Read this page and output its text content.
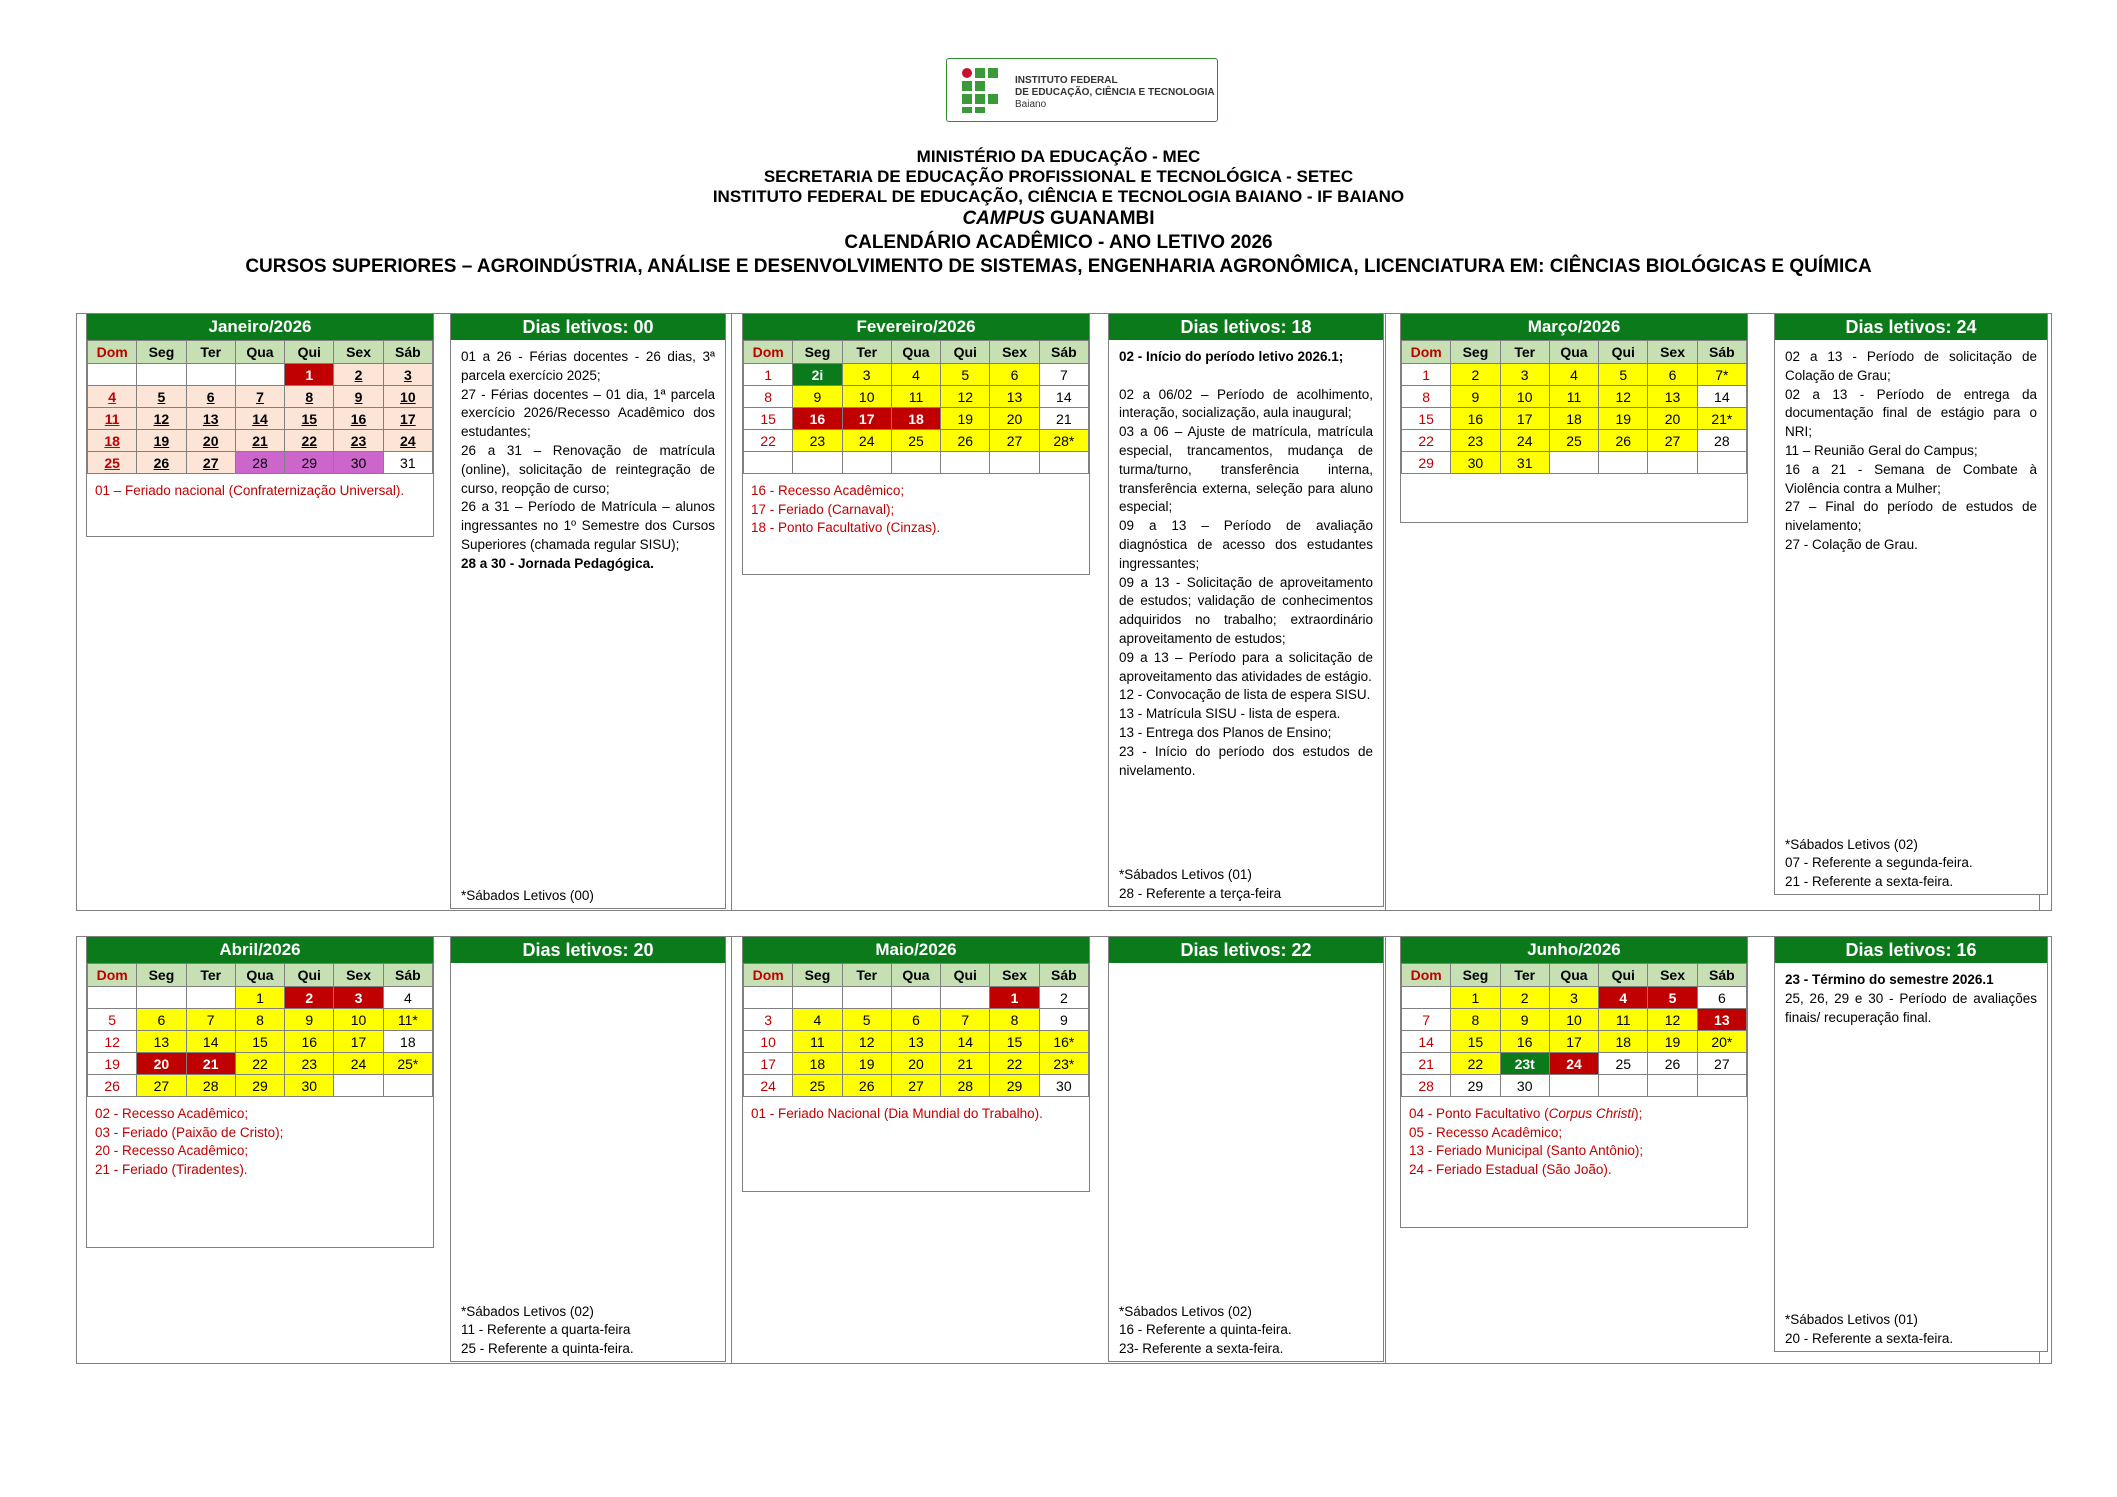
INSTITUTO FEDERAL
DE EDUCAÇÃO, CIÊNCIA E TECNOLOGIA
Baiano
MINISTÉRIO DA EDUCAÇÃO - MEC
SECRETARIA DE EDUCAÇÃO PROFISSIONAL E TECNOLÓGICA - SETEC
INSTITUTO FEDERAL DE EDUCAÇÃO, CIÊNCIA E TECNOLOGIA BAIANO - IF BAIANO
CAMPUS GUANAMBI
CALENDÁRIO ACADÊMICO - ANO LETIVO 2026
CURSOS SUPERIORES – AGROINDÚSTRIA, ANÁLISE E DESENVOLVIMENTO DE SISTEMAS, ENGENHARIA AGRONÔMICA, LICENCIATURA EM: CIÊNCIAS BIOLÓGICAS E QUÍMICA
Janeiro/2026
Dom	Seg	Ter	Qua	Qui	Sex	Sáb
				1	2	3
4	5	6	7	8	9	10
11	12	13	14	15	16	17
18	19	20	21	22	23	24
25	26	27	28	29	30	31
01 – Feriado nacional (Confraternização Universal).
Fevereiro/2026
Dom	Seg	Ter	Qua	Qui	Sex	Sáb
1	2i	3	4	5	6	7
8	9	10	11	12	13	14
15	16	17	18	19	20	21
22	23	24	25	26	27	28*

16 - Recesso Acadêmico;
17 - Feriado (Carnaval);
18 - Ponto Facultativo (Cinzas).
Março/2026
Dom	Seg	Ter	Qua	Qui	Sex	Sáb
1	2	3	4	5	6	7*
8	9	10	11	12	13	14
15	16	17	18	19	20	21*
22	23	24	25	26	27	28
29	30	31				
Abril/2026
Dom	Seg	Ter	Qua	Qui	Sex	Sáb
			1	2	3	4
5	6	7	8	9	10	11*
12	13	14	15	16	17	18
19	20	21	22	23	24	25*
26	27	28	29	30		
02 - Recesso Acadêmico;
03 - Feriado (Paixão de Cristo);
20 - Recesso Acadêmico;
21 - Feriado (Tiradentes).
Maio/2026
Dom	Seg	Ter	Qua	Qui	Sex	Sáb
					1	2
3	4	5	6	7	8	9
10	11	12	13	14	15	16*
17	18	19	20	21	22	23*
24	25	26	27	28	29	30
01 - Feriado Nacional (Dia Mundial do Trabalho).
Junho/2026
Dom	Seg	Ter	Qua	Qui	Sex	Sáb
	1	2	3	4	5	6
7	8	9	10	11	12	13
14	15	16	17	18	19	20*
21	22	23t	24	25	26	27
28	29	30				
04 - Ponto Facultativo (Corpus Christi);
05 - Recesso Acadêmico;
13 - Feriado Municipal (Santo Antônio);
24 - Feriado Estadual (São João).
Dias letivos: 00
01 a 26 - Férias docentes - 26 dias, 3ª parcela exercício 2025;
27 - Férias docentes – 01 dia, 1ª parcela exercício 2026/Recesso Acadêmico dos estudantes;
26 a 31 – Renovação de matrícula (online), solicitação de reintegração de curso, reopção de curso;
26 a 31 – Período de Matrícula – alunos ingressantes no 1º Semestre dos Cursos Superiores (chamada regular SISU);
28 a 30 - Jornada Pedagógica.
*Sábados Letivos (00)
Dias letivos: 18
02 - Início do período letivo 2026.1;

02 a 06/02 – Período de acolhimento, interação, socialização, aula inaugural;
03 a 06 – Ajuste de matrícula, matrícula especial, trancamentos, mudança de turma/turno, transferência interna, transferência externa, seleção para aluno especial;
09 a 13 – Período de avaliação diagnóstica de acesso dos estudantes ingressantes;
09 a 13 - Solicitação de aproveitamento de estudos; validação de conhecimentos adquiridos no trabalho; extraordinário aproveitamento de estudos;
09 a 13 – Período para a solicitação de aproveitamento das atividades de estágio.
12 - Convocação de lista de espera SISU.
13 - Matrícula SISU - lista de espera.
13 - Entrega dos Planos de Ensino;
23 - Início do período dos estudos de nivelamento.
*Sábados Letivos (01)
28 - Referente a terça-feira
Dias letivos: 24
02 a 13 - Período de solicitação de Colação de Grau;
02 a 13 - Período de entrega da documentação final de estágio para o NRI;
11 – Reunião Geral do Campus;
16 a 21 - Semana de Combate à Violência contra a Mulher;
27 – Final do período de estudos de nivelamento;
27 - Colação de Grau.
*Sábados Letivos (02)
07 - Referente a segunda-feira.
21 - Referente a sexta-feira.
Dias letivos: 20
*Sábados Letivos (02)
11 - Referente a quarta-feira
25 - Referente a quinta-feira.
Dias letivos: 22
*Sábados Letivos (02)
16 - Referente a quinta-feira.
23- Referente a sexta-feira.
Dias letivos: 16
23 - Término do semestre 2026.1
25, 26, 29 e 30 - Período de avaliações finais/ recuperação final.
*Sábados Letivos (01)
20 - Referente a sexta-feira.
